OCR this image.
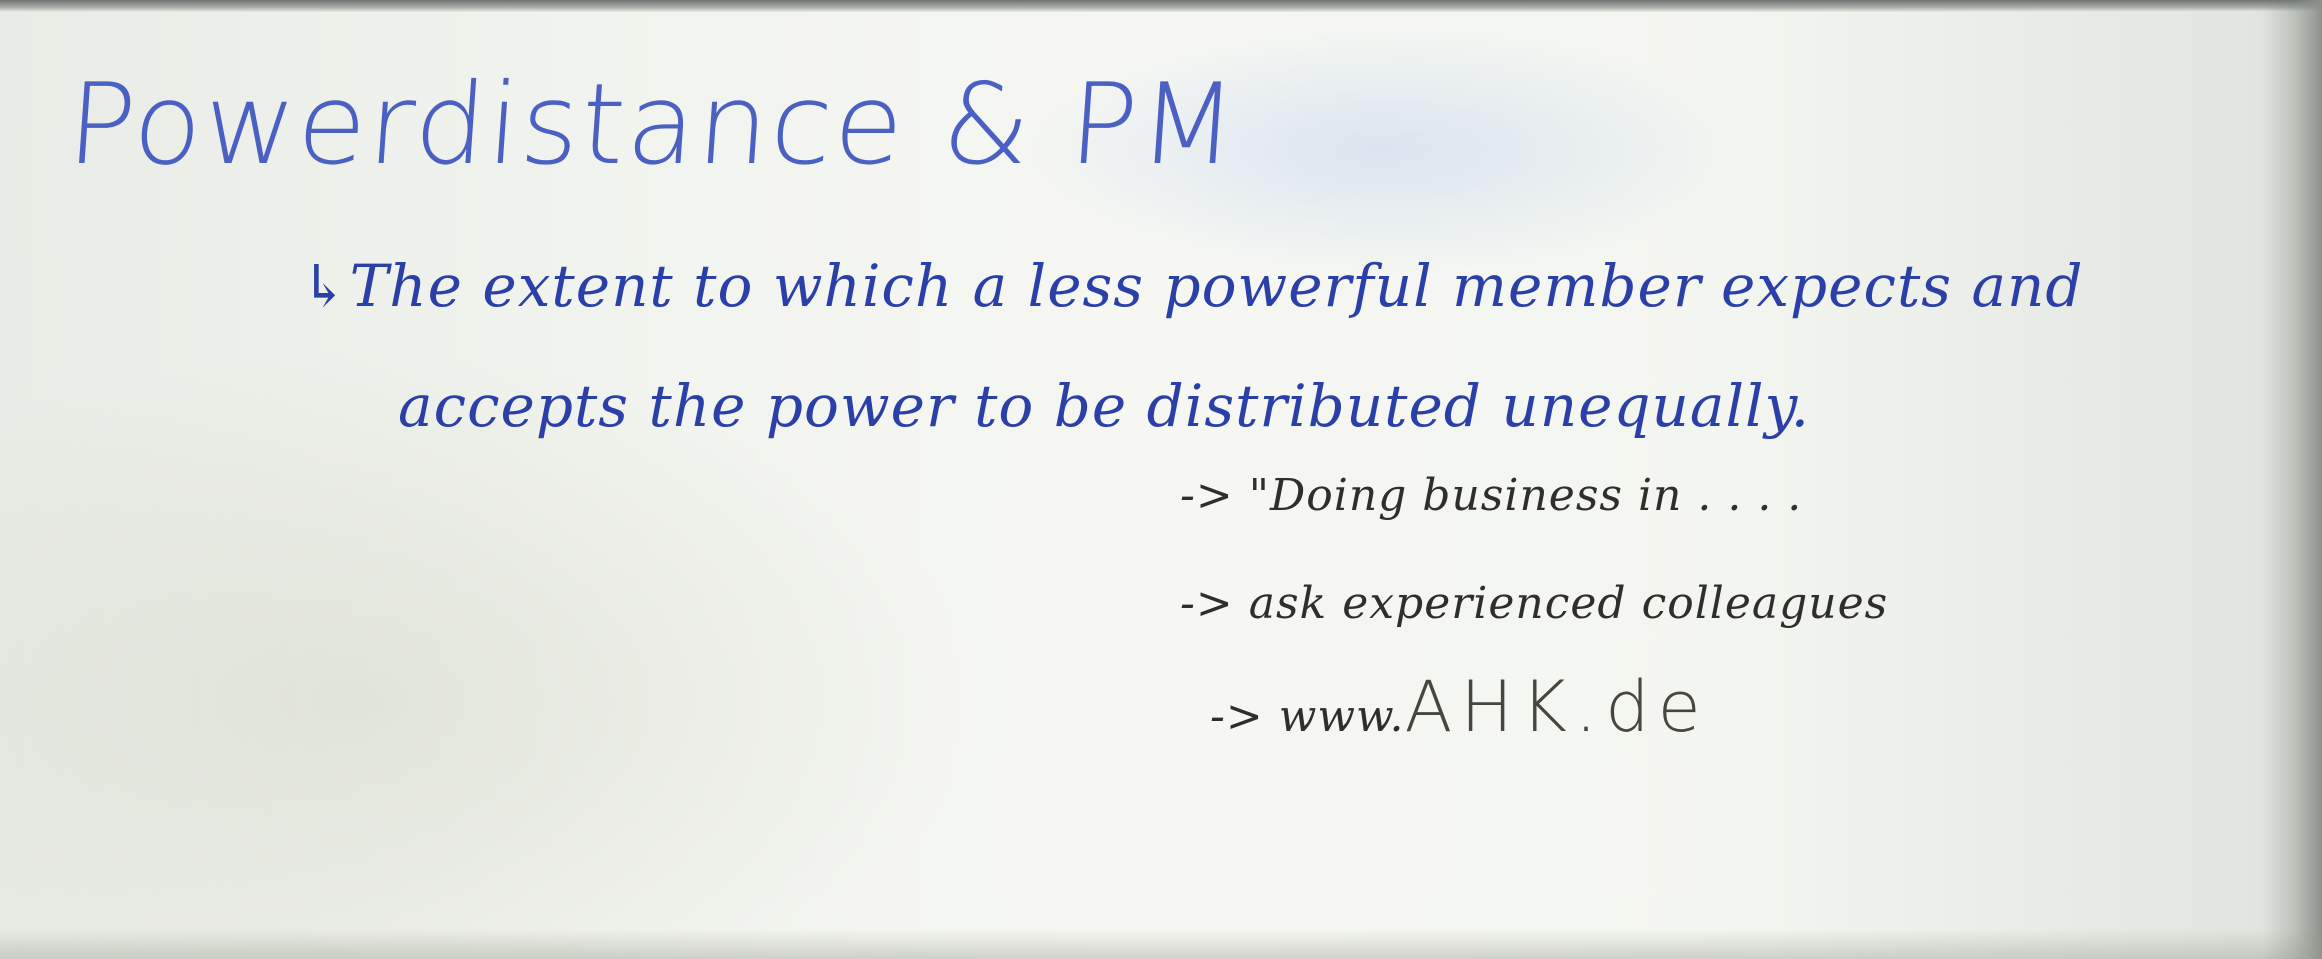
Powerdistance & PM
↳The extent to which a less powerful member expects and
accepts the power to be distributed unequally.
-> "Doing business in . . . .
-> ask experienced colleagues
-> www.AHK.de
